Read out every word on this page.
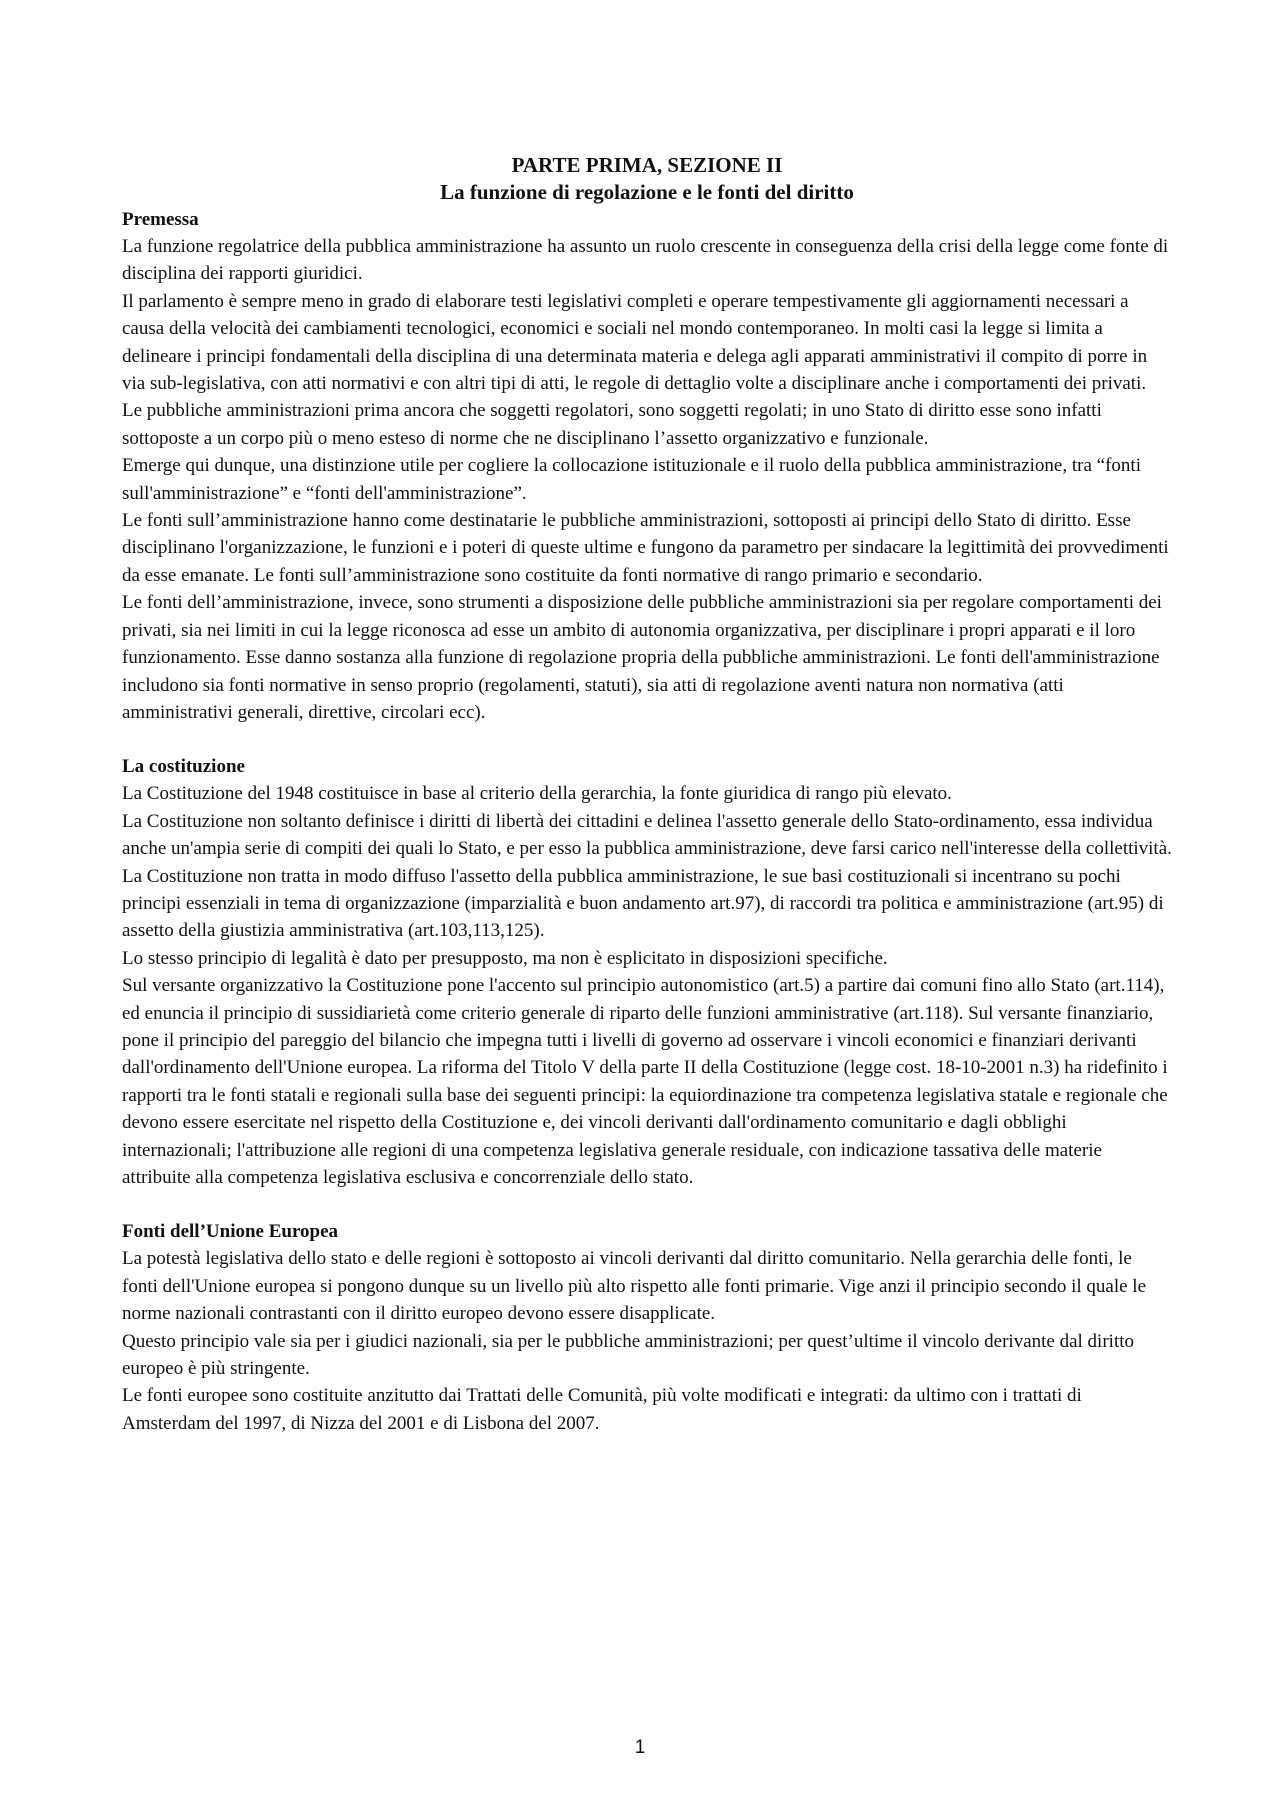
PARTE PRIMA, SEZIONE II
La funzione di regolazione e le fonti del diritto
Premessa

La funzione regolatrice della pubblica amministrazione ha assunto un ruolo crescente in conseguenza della crisi della legge come fonte di disciplina dei rapporti giuridici.

Il parlamento è sempre meno in grado di elaborare testi legislativi completi e operare tempestivamente gli aggiornamenti necessari a causa della velocità dei cambiamenti tecnologici, economici e sociali nel mondo contemporaneo. In molti casi la legge si limita a delineare i principi fondamentali della disciplina di una determinata materia e delega agli apparati amministrativi il compito di porre in via sub-legislativa, con atti normativi e con altri tipi di atti, le regole di dettaglio volte a disciplinare anche i comportamenti dei privati.

Le pubbliche amministrazioni prima ancora che soggetti regolatori, sono soggetti regolati; in uno Stato di diritto esse sono infatti sottoposte a un corpo più o meno esteso di norme che ne disciplinano l’assetto organizzativo e funzionale.

Emerge qui dunque, una distinzione utile per cogliere la collocazione istituzionale e il ruolo della pubblica amministrazione, tra “fonti sull'amministrazione” e “fonti dell'amministrazione”.

Le fonti sull’amministrazione hanno come destinatarie le pubbliche amministrazioni, sottoposti ai principi dello Stato di diritto. Esse disciplinano l'organizzazione, le funzioni e i poteri di queste ultime e fungono da parametro per sindacare la legittimità dei provvedimenti da esse emanate. Le fonti sull’amministrazione sono costituite da fonti normative di rango primario e secondario.

Le fonti dell’amministrazione, invece, sono strumenti a disposizione delle pubbliche amministrazioni sia per regolare comportamenti dei privati, sia nei limiti in cui la legge riconosca ad esse un ambito di autonomia organizzativa, per disciplinare i propri apparati e il loro funzionamento. Esse danno sostanza alla funzione di regolazione propria della pubbliche amministrazioni. Le fonti dell'amministrazione includono sia fonti normative in senso proprio (regolamenti, statuti), sia atti di regolazione aventi natura non normativa (atti amministrativi generali, direttive, circolari ecc).

La costituzione

La Costituzione del 1948 costituisce in base al criterio della gerarchia, la fonte giuridica di rango più elevato.

La Costituzione non soltanto definisce i diritti di libertà dei cittadini e delinea l'assetto generale dello Stato-ordinamento, essa individua anche un'ampia serie di compiti dei quali lo Stato, e per esso la pubblica amministrazione, deve farsi carico nell'interesse della collettività.

La Costituzione non tratta in modo diffuso l'assetto della pubblica amministrazione, le sue basi costituzionali si incentrano su pochi principi essenziali in tema di organizzazione (imparzialità e buon andamento art.97), di raccordi tra politica e amministrazione (art.95) di assetto della giustizia amministrativa (art.103,113,125).

Lo stesso principio di legalità è dato per presupposto, ma non è esplicitato in disposizioni specifiche.

Sul versante organizzativo la Costituzione pone l'accento sul principio autonomistico (art.5) a partire dai comuni fino allo Stato (art.114), ed enuncia il principio di sussidiarietà come criterio generale di riparto delle funzioni amministrative (art.118). Sul versante finanziario, pone il principio del pareggio del bilancio che impegna tutti i livelli di governo ad osservare i vincoli economici e finanziari derivanti dall'ordinamento dell'Unione europea. La riforma del Titolo V della parte II della Costituzione (legge cost. 18-10-2001 n.3) ha ridefinito i rapporti tra le fonti statali e regionali sulla base dei seguenti principi: la equiordinazione tra competenza legislativa statale e regionale che devono essere esercitate nel rispetto della Costituzione e, dei vincoli derivanti dall'ordinamento comunitario e dagli obblighi internazionali; l'attribuzione alle regioni di una competenza legislativa generale residuale, con indicazione tassativa delle materie attribuite alla competenza legislativa esclusiva e concorrenziale dello stato.

Fonti dell’Unione Europea

La potestà legislativa dello stato e delle regioni è sottoposto ai vincoli derivanti dal diritto comunitario. Nella gerarchia delle fonti, le fonti dell'Unione europea si pongono dunque su un livello più alto rispetto alle fonti primarie. Vige anzi il principio secondo il quale le norme nazionali contrastanti con il diritto europeo devono essere disapplicate.

Questo principio vale sia per i giudici nazionali, sia per le pubbliche amministrazioni; per quest’ultime il vincolo derivante dal diritto europeo è più stringente.

Le fonti europee sono costituite anzitutto dai Trattati delle Comunità, più volte modificati e integrati: da ultimo con i trattati di Amsterdam del 1997, di Nizza del 2001 e di Lisbona del 2007.

1
